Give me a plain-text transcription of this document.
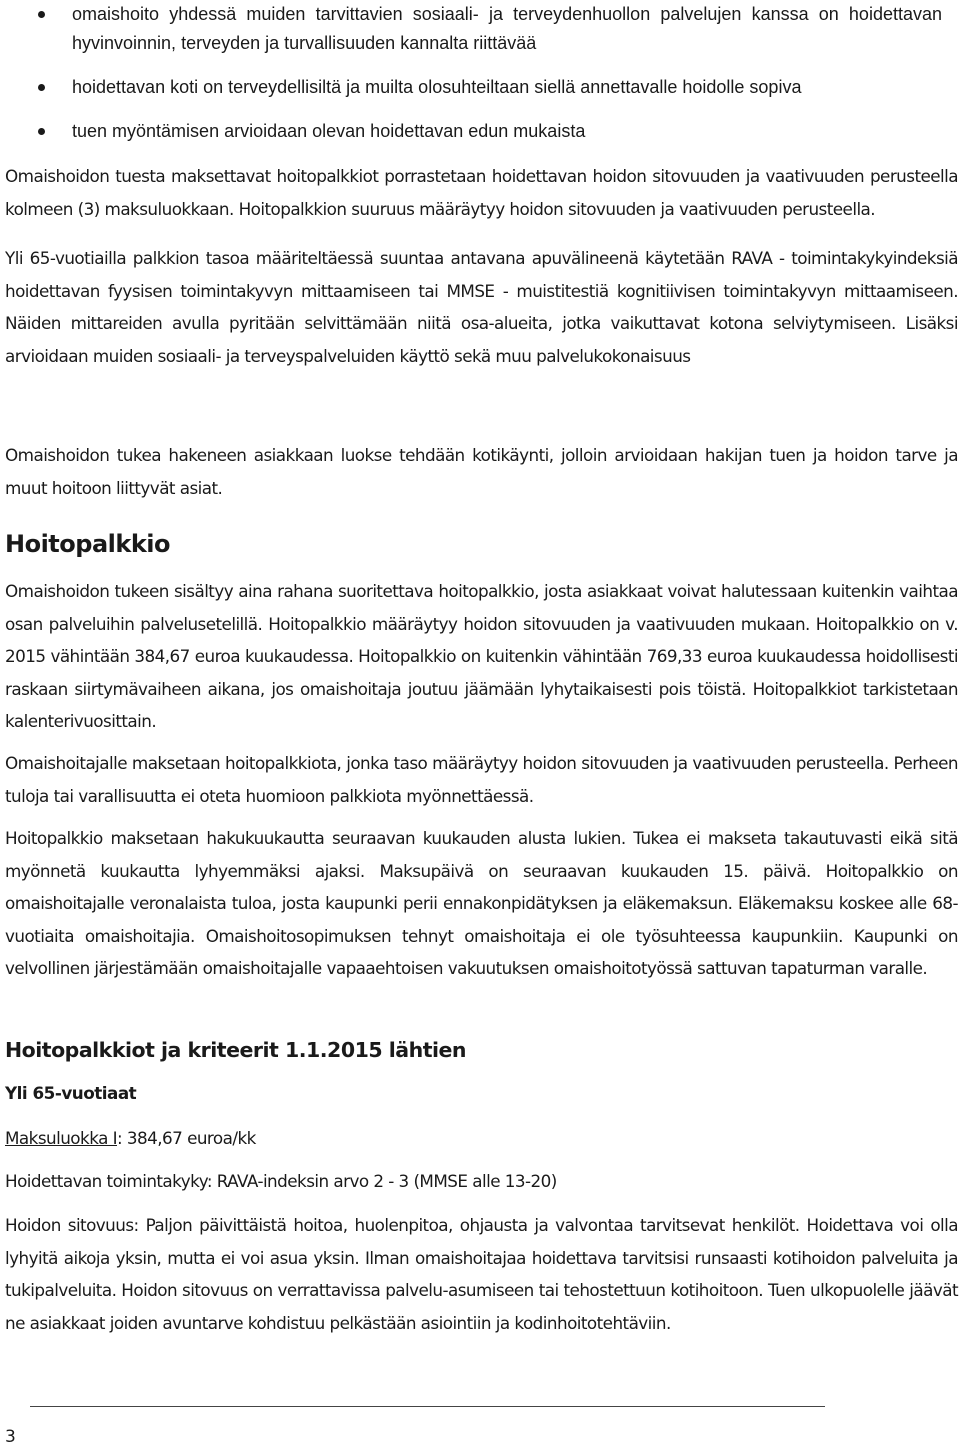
omaishoito yhdessä muiden tarvittavien sosiaali- ja terveydenhuollon palvelujen kanssa on hoidettavan hyvinvoinnin, terveyden ja turvallisuuden kannalta riittävää
hoidettavan koti on terveydellisiltä ja muilta olosuhteiltaan siellä annettavalle hoidolle sopiva
tuen myöntämisen arvioidaan olevan hoidettavan edun mukaista

Omaishoidon tuesta maksettavat hoitopalkkiot porrastetaan hoidettavan hoidon sitovuuden ja vaativuuden perusteella kolmeen (3) maksuluokkaan. Hoitopalkkion suuruus määräytyy hoidon sitovuuden ja vaativuuden perusteella.

Yli 65-vuotiailla palkkion tasoa määriteltäessä suuntaa antavana apuvälineenä käytetään RAVA - toimintakykyindeksiä hoidettavan fyysisen toimintakyvyn mittaamiseen tai MMSE - muistitestiä kognitiivisen toimintakyvyn mittaamiseen. Näiden mittareiden avulla pyritään selvittämään niitä osa-alueita, jotka vaikuttavat kotona selviytymiseen. Lisäksi arvioidaan muiden sosiaali- ja terveyspalveluiden käyttö sekä muu palvelukokonaisuus

Omaishoidon tukea hakeneen asiakkaan luokse tehdään kotikäynti, jolloin arvioidaan hakijan tuen ja hoidon tarve ja muut hoitoon liittyvät asiat.

Hoitopalkkio

Omaishoidon tukeen sisältyy aina rahana suoritettava hoitopalkkio, josta asiakkaat voivat halutessaan kuitenkin vaihtaa osan palveluihin palvelusetelillä. Hoitopalkkio määräytyy hoidon sitovuuden ja vaativuuden mukaan. Hoitopalkkio on v. 2015 vähintään 384,67 euroa kuukaudessa. Hoitopalkkio on kuitenkin vähintään 769,33 euroa kuukaudessa hoidollisesti raskaan siirtymävaiheen aikana, jos omaishoitaja joutuu jäämään lyhytaikaisesti pois töistä. Hoitopalkkiot tarkistetaan kalenterivuosittain.

Omaishoitajalle maksetaan hoitopalkkiota, jonka taso määräytyy hoidon sitovuuden ja vaativuuden perusteella. Perheen tuloja tai varallisuutta ei oteta huomioon palkkiota myönnettäessä.

Hoitopalkkio maksetaan hakukuukautta seuraavan kuukauden alusta lukien. Tukea ei makseta takautuvasti eikä sitä myönnetä kuukautta lyhyemmäksi ajaksi. Maksupäivä on seuraavan kuukauden 15. päivä. Hoitopalkkio on omaishoitajalle veronalaista tuloa, josta kaupunki perii ennakonpidätyksen ja eläkemaksun. Eläkemaksu koskee alle 68-vuotiaita omaishoitajia. Omaishoitosopimuksen tehnyt omaishoitaja ei ole työsuhteessa kaupunkiin. Kaupunki on velvollinen järjestämään omaishoitajalle vapaaehtoisen vakuutuksen omaishoitotyössä sattuvan tapaturman varalle.

Hoitopalkkiot ja kriteerit 1.1.2015 lähtien

Yli 65-vuotiaat

Maksuluokka I: 384,67 euroa/kk

Hoidettavan toimintakyky: RAVA-indeksin arvo 2 - 3 (MMSE alle 13-20)

Hoidon sitovuus: Paljon päivittäistä hoitoa, huolenpitoa, ohjausta ja valvontaa tarvitsevat henkilöt. Hoidettava voi olla lyhyitä aikoja yksin, mutta ei voi asua yksin. Ilman omaishoitajaa hoidettava tarvitsisi runsaasti kotihoidon palveluita ja tukipalveluita. Hoidon sitovuus on verrattavissa palvelu-asumiseen tai tehostettuun kotihoitoon. Tuen ulkopuolelle jäävät ne asiakkaat joiden avuntarve kohdistuu pelkästään asiointiin ja kodinhoitotehtäviin.

3
